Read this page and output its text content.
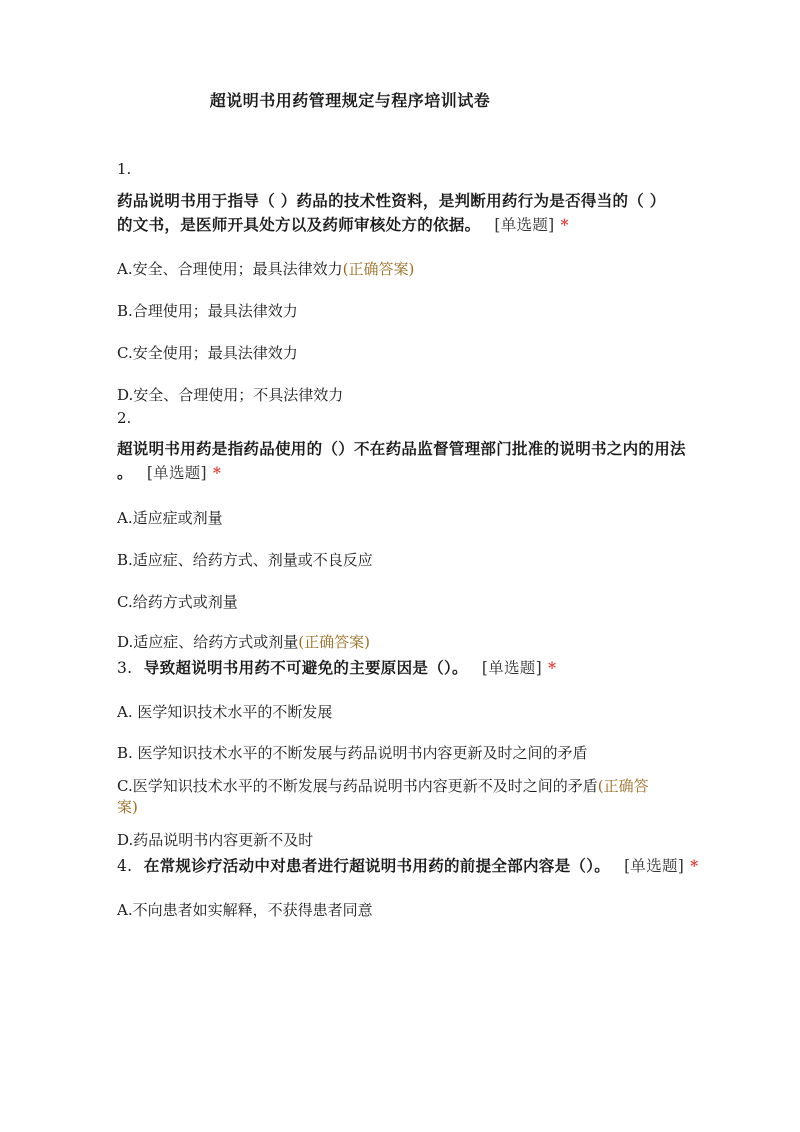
超说明书用药管理规定与程序培训试卷
1.
药品说明书用于指导（ ）药品的技术性资料，是判断用药行为是否得当的（ ）
的文书，是医师开具处方以及药师审核处方的依据。 [单选题] *
A.安全、合理使用；最具法律效力(正确答案)
B.合理使用；最具法律效力
C.安全使用；最具法律效力
D.安全、合理使用；不具法律效力
2.
超说明书用药是指药品使用的（）不在药品监督管理部门批准的说明书之内的用法
。 [单选题] *
A.适应症或剂量
B.适应症、给药方式、剂量或不良反应
C.给药方式或剂量
D.适应症、给药方式或剂量(正确答案)
3. 导致超说明书用药不可避免的主要原因是（）。 [单选题] *
A. 医学知识技术水平的不断发展
B. 医学知识技术水平的不断发展与药品说明书内容更新及时之间的矛盾
C.医学知识技术水平的不断发展与药品说明书内容更新不及时之间的矛盾(正确答
案)
D.药品说明书内容更新不及时
4. 在常规诊疗活动中对患者进行超说明书用药的前提全部内容是（）。 [单选题] *
A.不向患者如实解释，不获得患者同意
